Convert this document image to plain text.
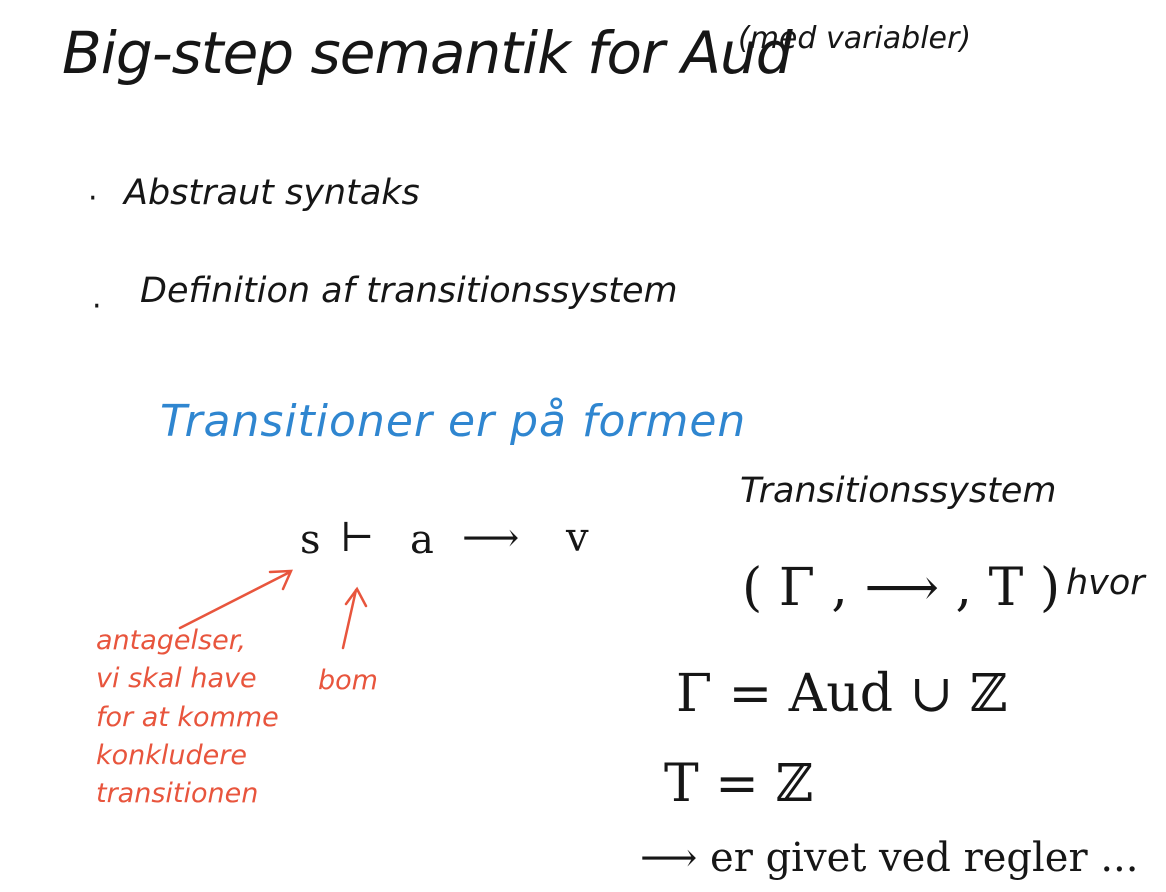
Big-step semantik for Aud
(med variabler)
· Abstraut syntaks
· Definition af transitionssystem
Transitioner er på formen
s ⊢ a ⟶ v
antagelser,
vi skal have
for at komme
konkludere
transitionen
bom
Transitionssystem
( Γ , ⟶ , T ) hvor
Γ = Aud ∪ ℤ
T = ℤ
⟶ er givet ved regler ...
